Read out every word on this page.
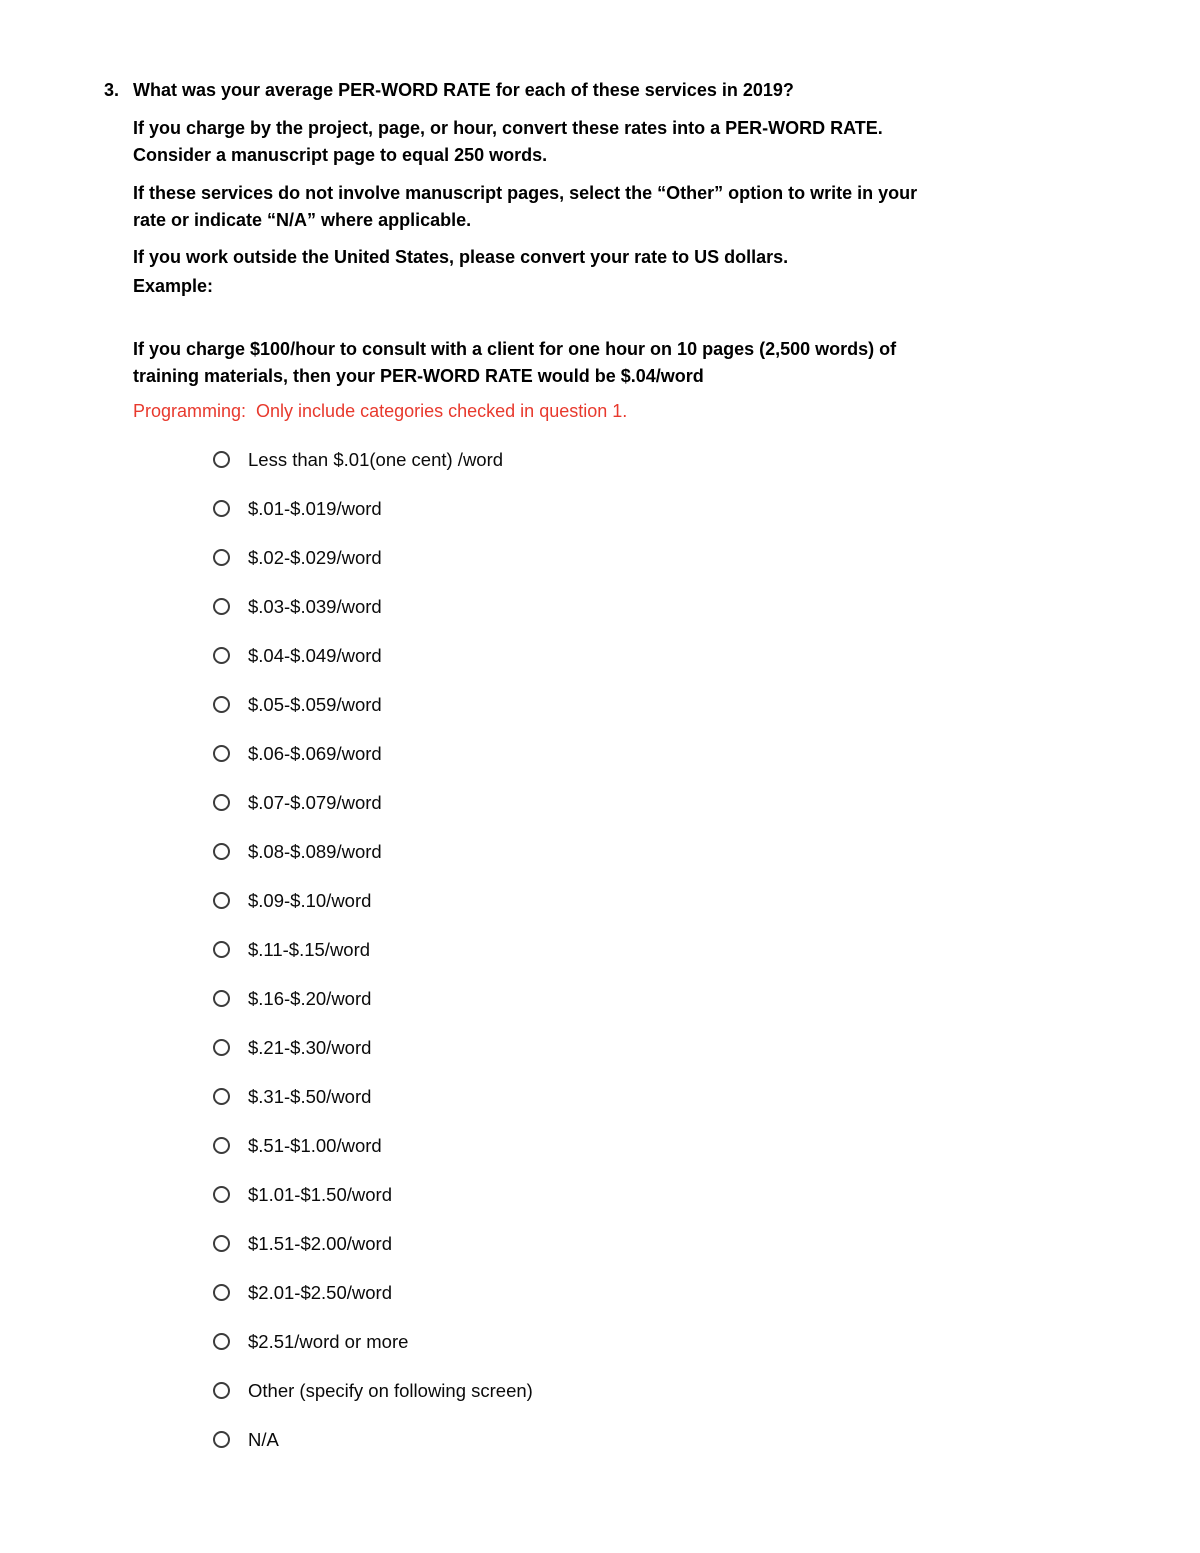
3. What was your average PER-WORD RATE for each of these services in 2019?
If you charge by the project, page, or hour, convert these rates into a PER-WORD RATE.
Consider a manuscript page to equal 250 words.
If these services do not involve manuscript pages, select the “Other” option to write in your
rate or indicate “N/A” where applicable.
If you work outside the United States, please convert your rate to US dollars.
Example:
If you charge $100/hour to consult with a client for one hour on 10 pages (2,500 words) of
training materials, then your PER-WORD RATE would be $.04/word
Programming:  Only include categories checked in question 1.
Less than $.01(one cent) /word
$.01-$.019/word
$.02-$.029/word
$.03-$.039/word
$.04-$.049/word
$.05-$.059/word
$.06-$.069/word
$.07-$.079/word
$.08-$.089/word
$.09-$.10/word
$.11-$.15/word
$.16-$.20/word
$.21-$.30/word
$.31-$.50/word
$.51-$1.00/word
$1.01-$1.50/word
$1.51-$2.00/word
$2.01-$2.50/word
$2.51/word or more
Other (specify on following screen)
N/A
